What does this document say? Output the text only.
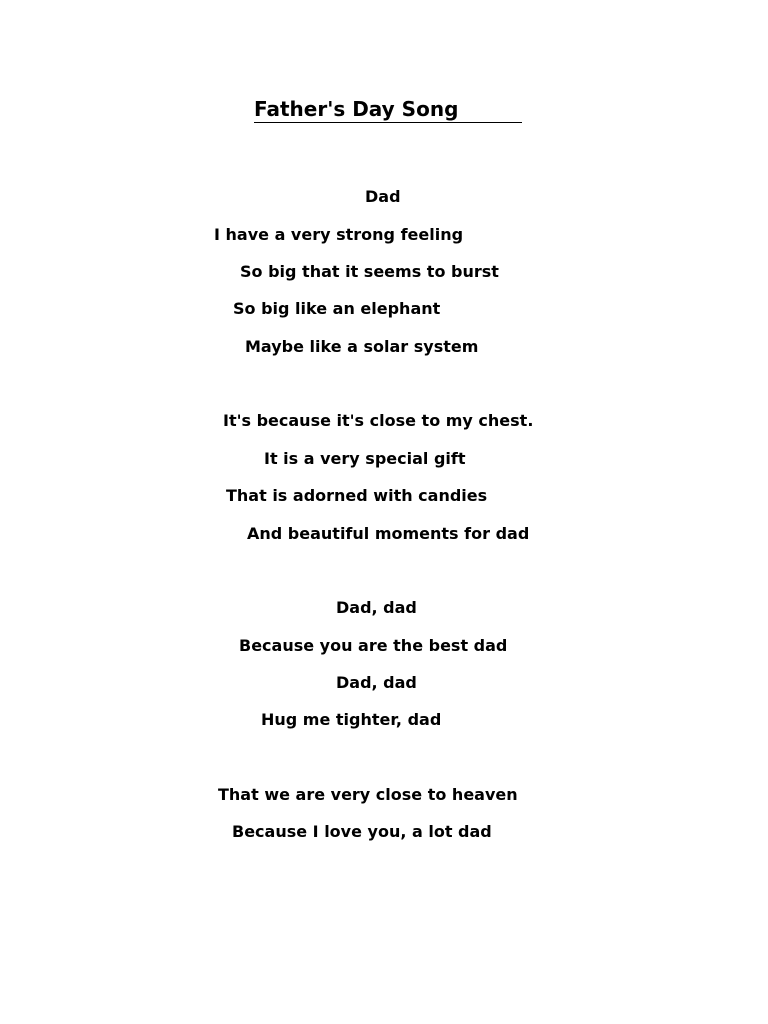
Father's Day Song
Dad
I have a very strong feeling
So big that it seems to burst
So big like an elephant
Maybe like a solar system
It's because it's close to my chest.
It is a very special gift
That is adorned with candies
And beautiful moments for dad
Dad, dad
Because you are the best dad
Dad, dad
Hug me tighter, dad
That we are very close to heaven
Because I love you, a lot dad
